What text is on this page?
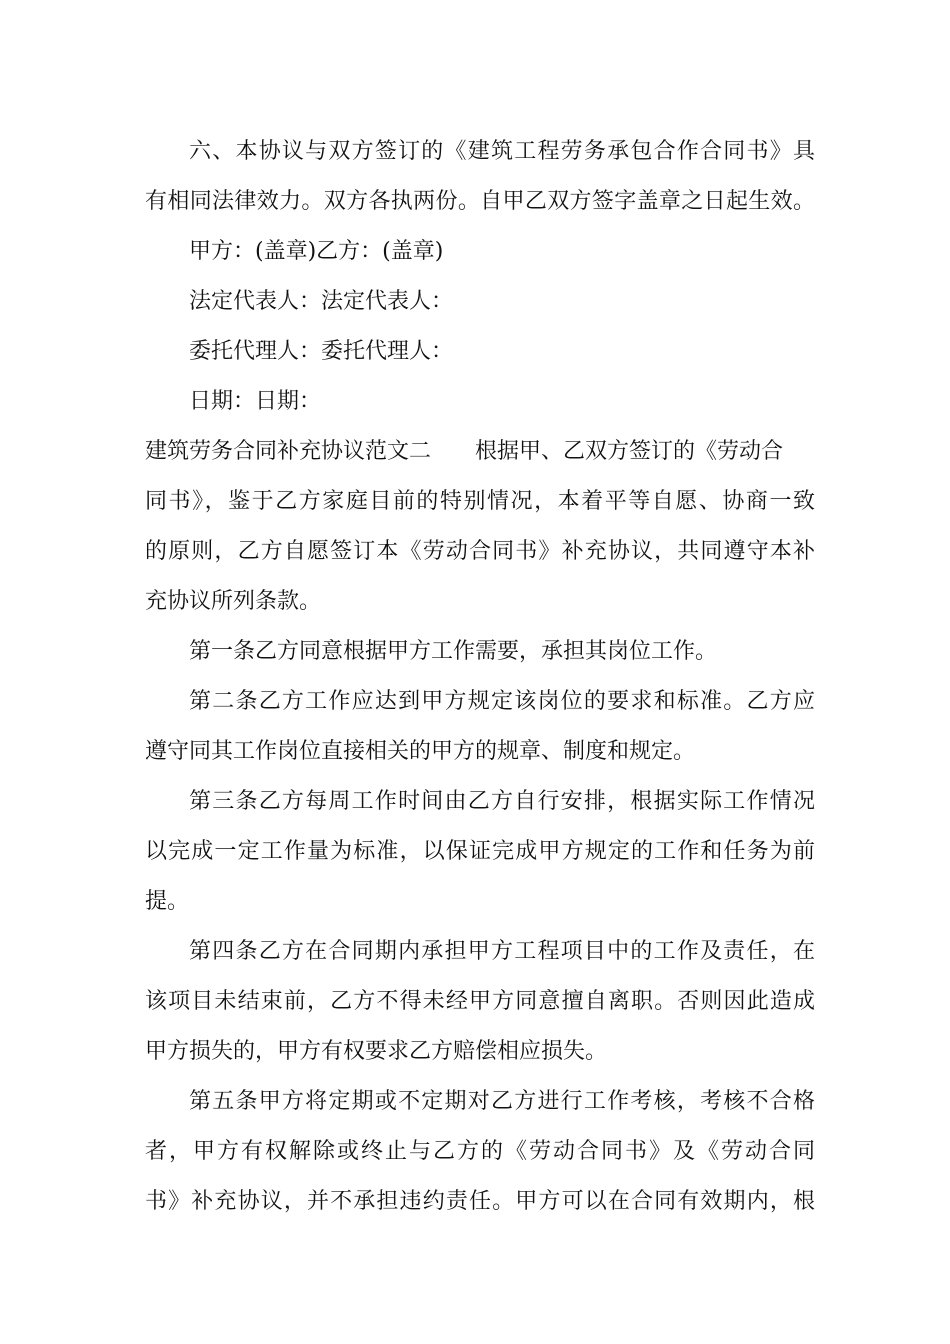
六、本协议与双方签订的《建筑工程劳务承包合作合同书》具
有相同法律效力。双方各执两份。自甲乙双方签字盖章之日起生效。
甲方：(盖章)乙方：(盖章)
法定代表人：法定代表人：
委托代理人：委托代理人：
日期：日期：
建筑劳务合同补充协议范文二 根据甲、乙双方签订的《劳动合
同书》，鉴于乙方家庭目前的特别情况，本着平等自愿、协商一致
的原则，乙方自愿签订本《劳动合同书》补充协议，共同遵守本补
充协议所列条款。
第一条乙方同意根据甲方工作需要，承担其岗位工作。
第二条乙方工作应达到甲方规定该岗位的要求和标准。乙方应
遵守同其工作岗位直接相关的甲方的规章、制度和规定。
第三条乙方每周工作时间由乙方自行安排，根据实际工作情况
以完成一定工作量为标准，以保证完成甲方规定的工作和任务为前
提。
第四条乙方在合同期内承担甲方工程项目中的工作及责任，在
该项目未结束前，乙方不得未经甲方同意擅自离职。否则因此造成
甲方损失的，甲方有权要求乙方赔偿相应损失。
第五条甲方将定期或不定期对乙方进行工作考核，考核不合格
者，甲方有权解除或终止与乙方的《劳动合同书》及《劳动合同
书》补充协议，并不承担违约责任。甲方可以在合同有效期内，根
